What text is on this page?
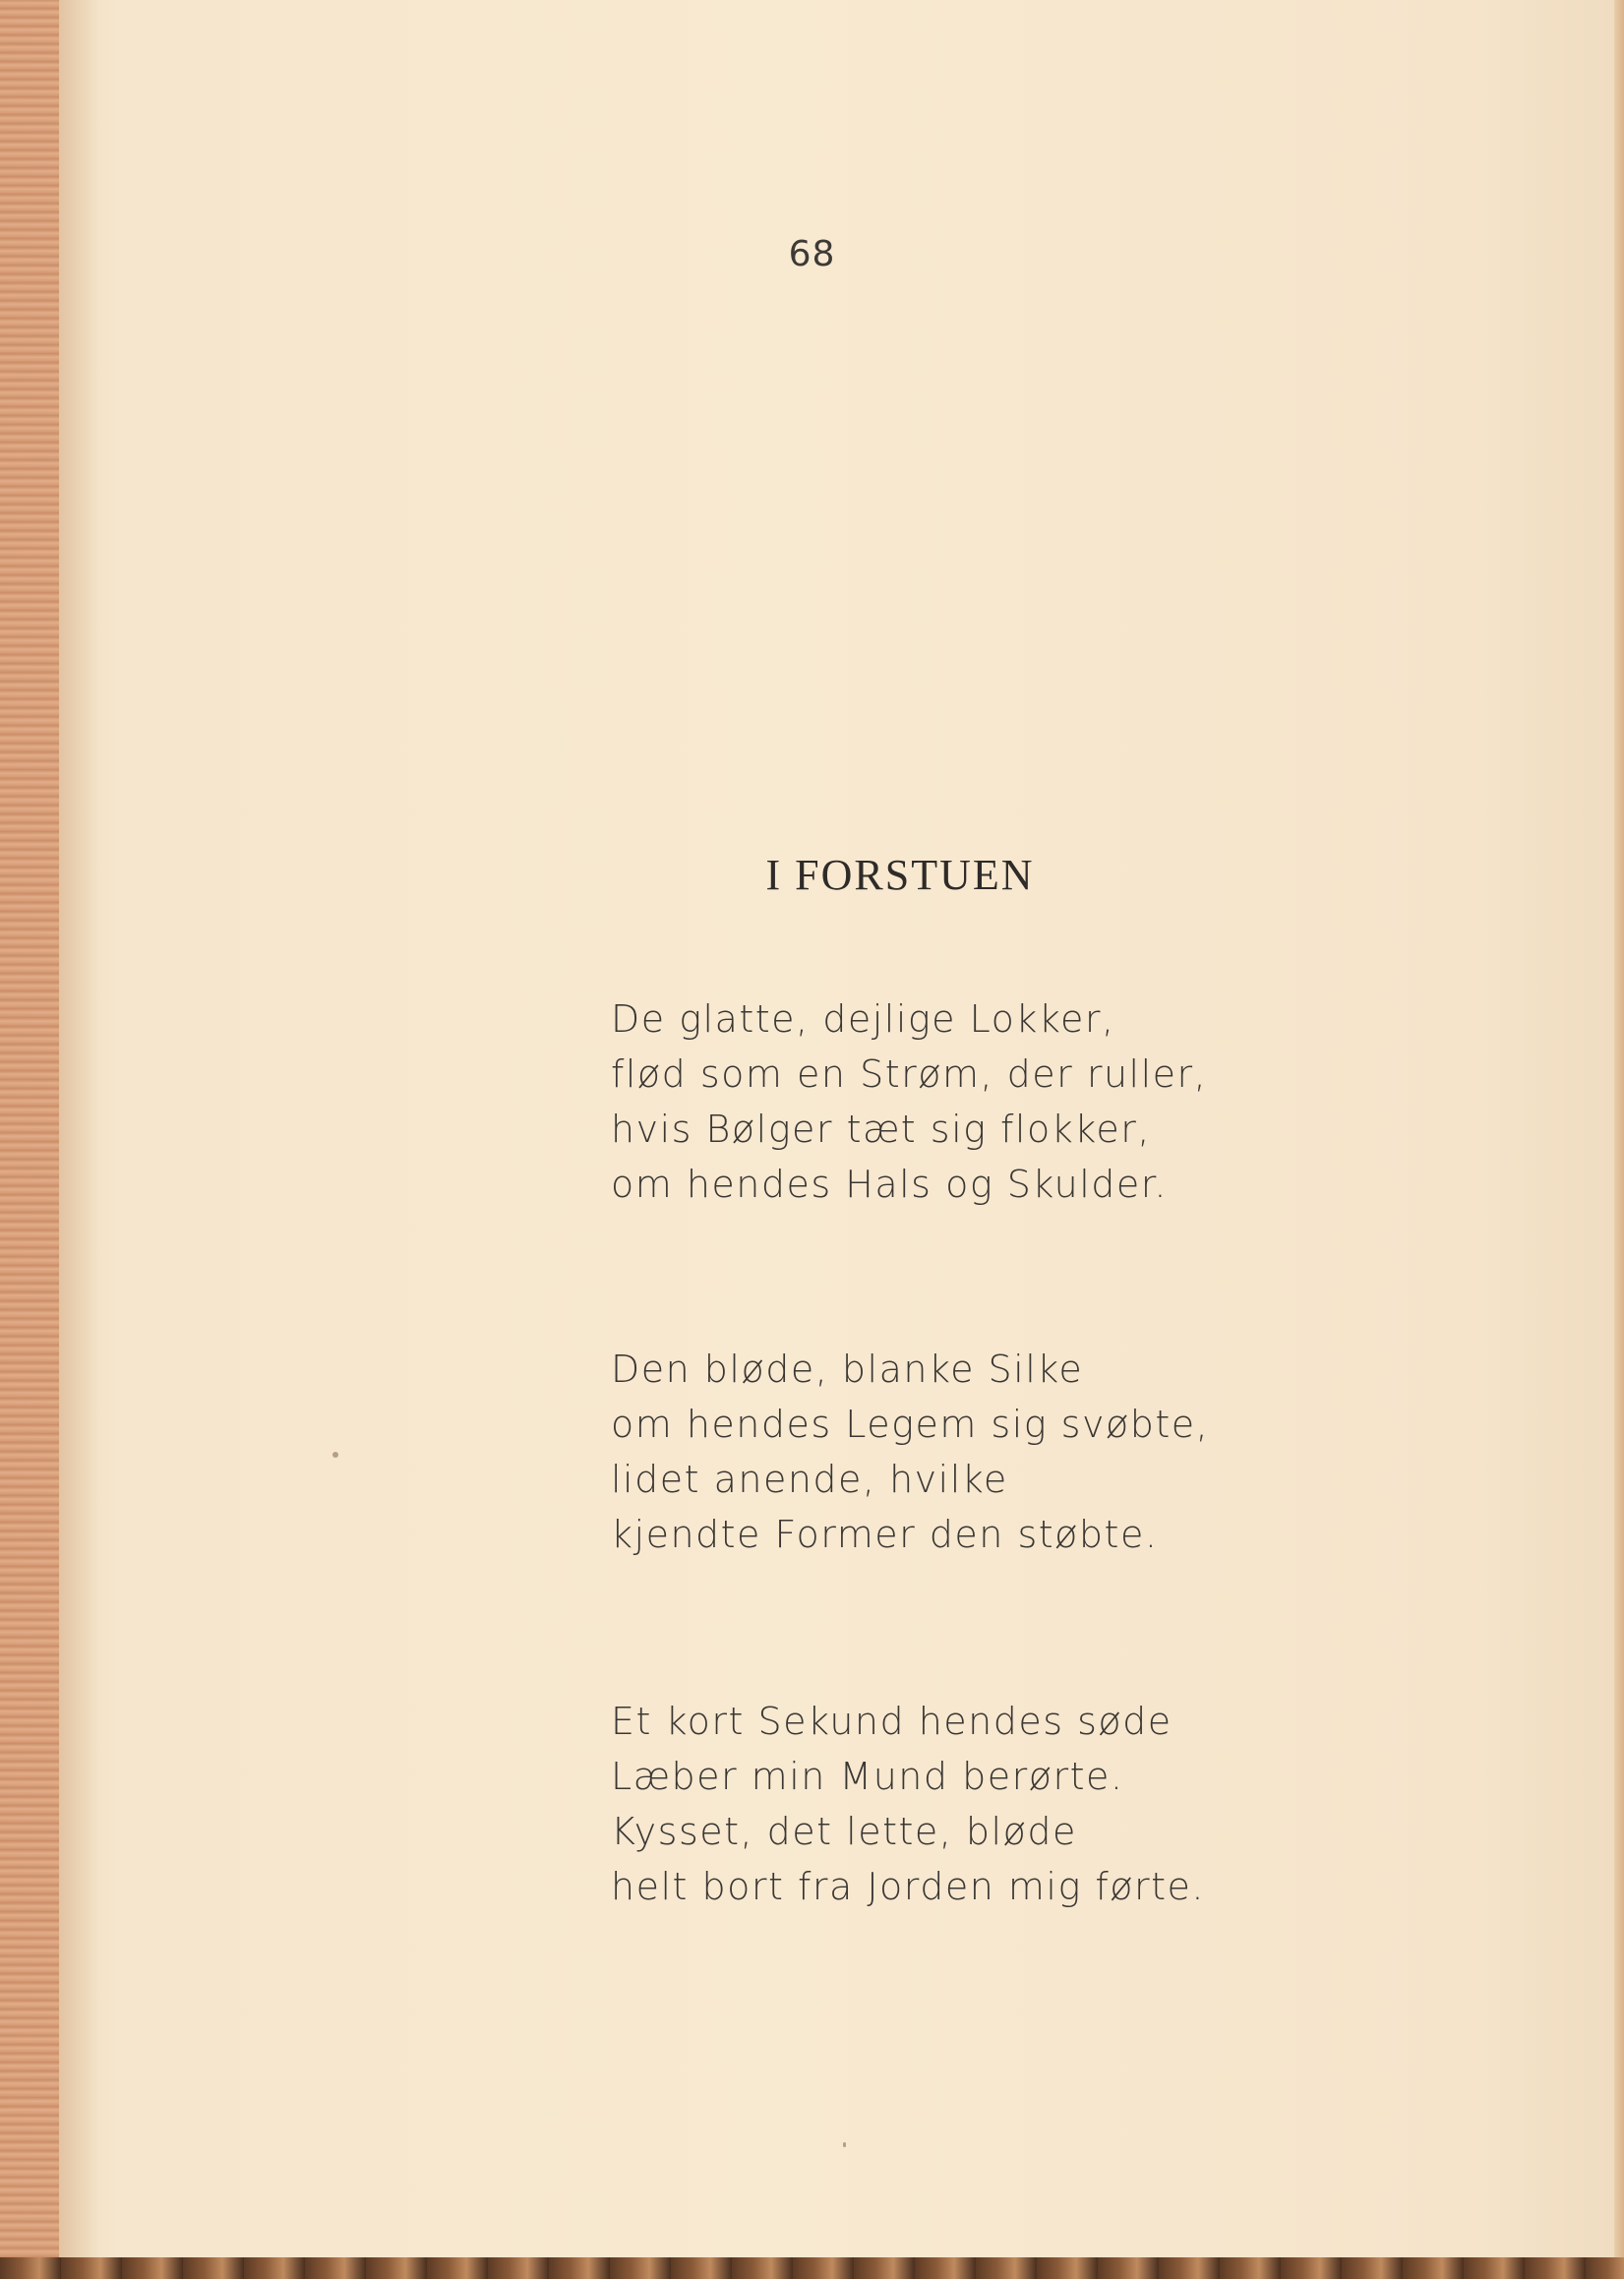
68
I FORSTUEN
De glatte, dejlige Lokker,
flød som en Strøm, der ruller,
hvis Bølger tæt sig flokker,
om hendes Hals og Skulder.
Den bløde, blanke Silke
om hendes Legem sig svøbte,
lidet anende, hvilke
kjendte Former den støbte.
Et kort Sekund hendes søde
Læber min Mund berørte.
Kysset, det lette, bløde
helt bort fra Jorden mig førte.
